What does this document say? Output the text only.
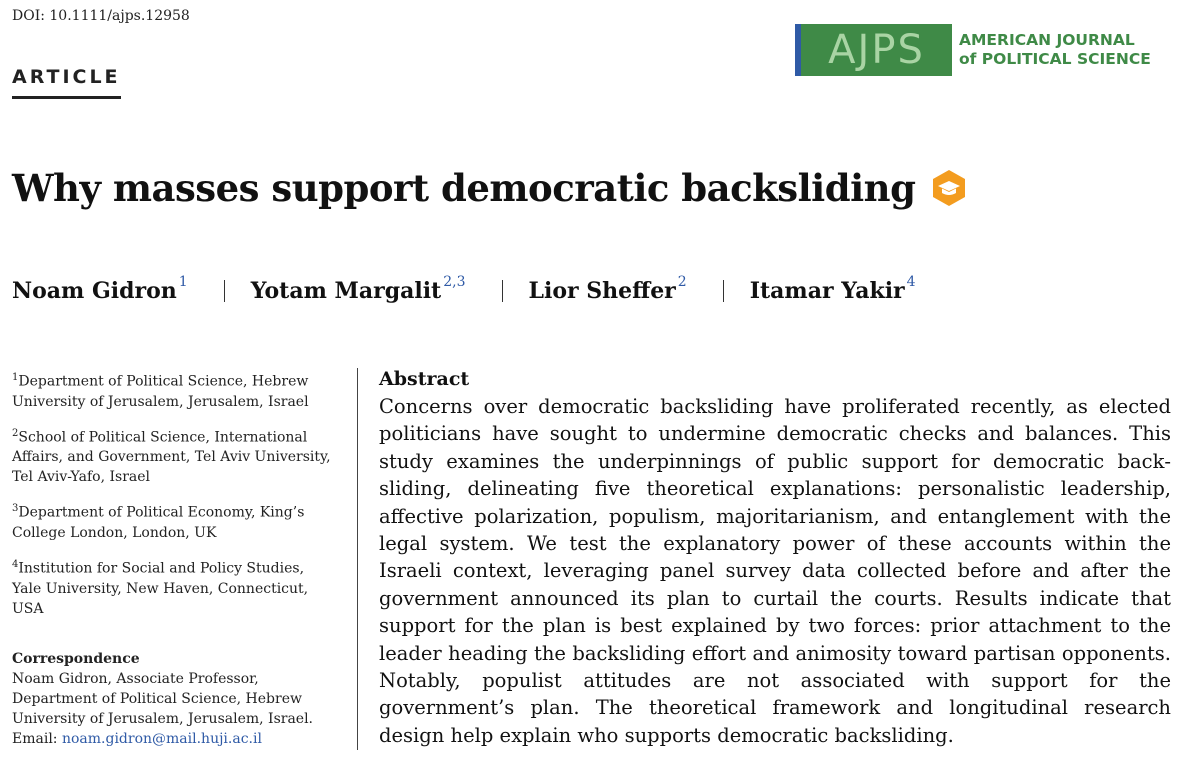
DOI: 10.1111/ajps.12958
ARTICLE
AJPS AMERICAN JOURNAL
of POLITICAL SCIENCE
Why masses support democratic backsliding
Noam Gidron$^1$	Yotam Margalit$^{2,3}$	Lior Sheffer$^2$	Itamar Yakir$^4$

$^1$Department of Political Science, Hebrew University of Jerusalem, Jerusalem, Israel

$^2$School of Political Science, International Affairs, and Government, Tel Aviv University, Tel Aviv-Yafo, Israel

$^3$Department of Political Economy, King’s College London, London, UK

$^4$Institution for Social and Policy Studies, Yale University, New Haven, Connecticut, USA

Correspondence

Noam Gidron, Associate Professor,

Department of Political Science, Hebrew

University of Jerusalem, Jerusalem, Israel.

Email: noam.gidron@mail.huji.ac.il

Abstract

Concerns over democratic backsliding have proliferated recently, as elected politicians have sought to undermine democratic checks and balances. This study examines the underpinnings of public support for democratic backsliding, delineating five theoretical explanations: personalistic leadership, affective polarization, populism, majoritarianism, and entanglement with the legal system. We test the explanatory power of these accounts within the Israeli context, leveraging panel survey data collected before and after the government announced its plan to curtail the courts. Results indicate that support for the plan is best explained by two forces: prior attachment to the leader heading the backsliding effort and animosity toward partisan opponents. Notably, populist attitudes are not associated with support for the government’s plan. The theoretical framework and longitudinal research design help explain who supports democratic backsliding.
